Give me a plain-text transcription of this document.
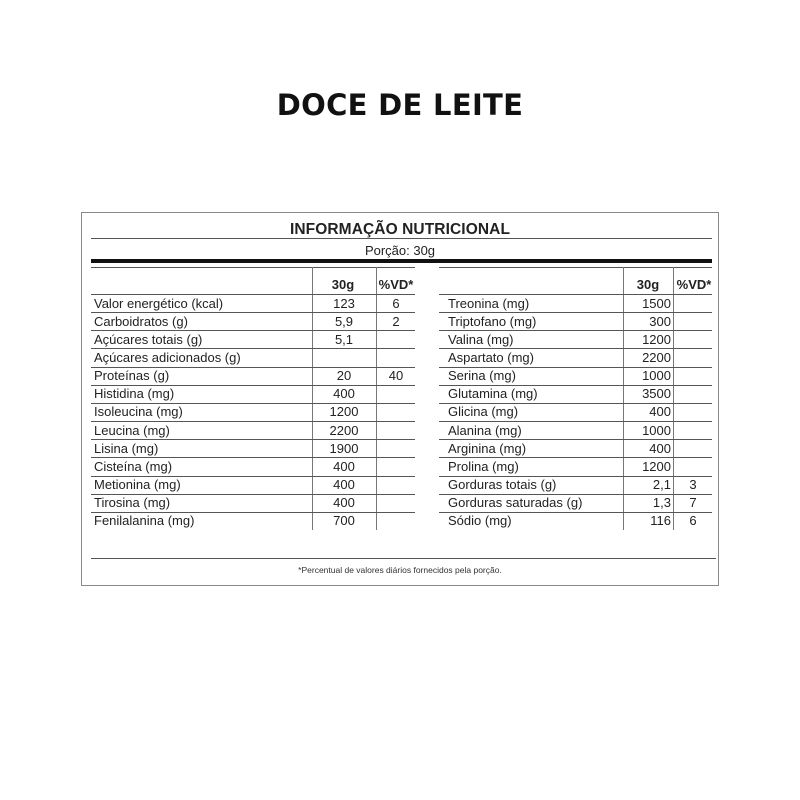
DOCE DE LEITE
INFORMAÇÃO NUTRICIONAL
Porção: 30g
30g	%VD*	30g	%VD*
*Percentual de valores diários fornecidos pela porção.
Valor energético (kcal)	123	6
Carboidratos (g)	5,9	2
Açúcares totais (g)	5,1
Açúcares adicionados (g)
Proteínas (g)	20	40
Histidina (mg)	400
Isoleucina (mg)	1200
Leucina (mg)	2200
Lisina (mg)	1900
Cisteína (mg)	400
Metionina (mg)	400
Tirosina (mg)	400
Fenilalanina (mg)	700
Treonina (mg)	1500
Triptofano (mg)	300
Valina (mg)	1200
Aspartato (mg)	2200
Serina (mg)	1000
Glutamina (mg)	3500
Glicina (mg)	400
Alanina (mg)	1000
Arginina (mg)	400
Prolina (mg)	1200
Gorduras totais (g)	2,1	3
Gorduras saturadas (g)	1,3	7
Sódio (mg)	116	6
